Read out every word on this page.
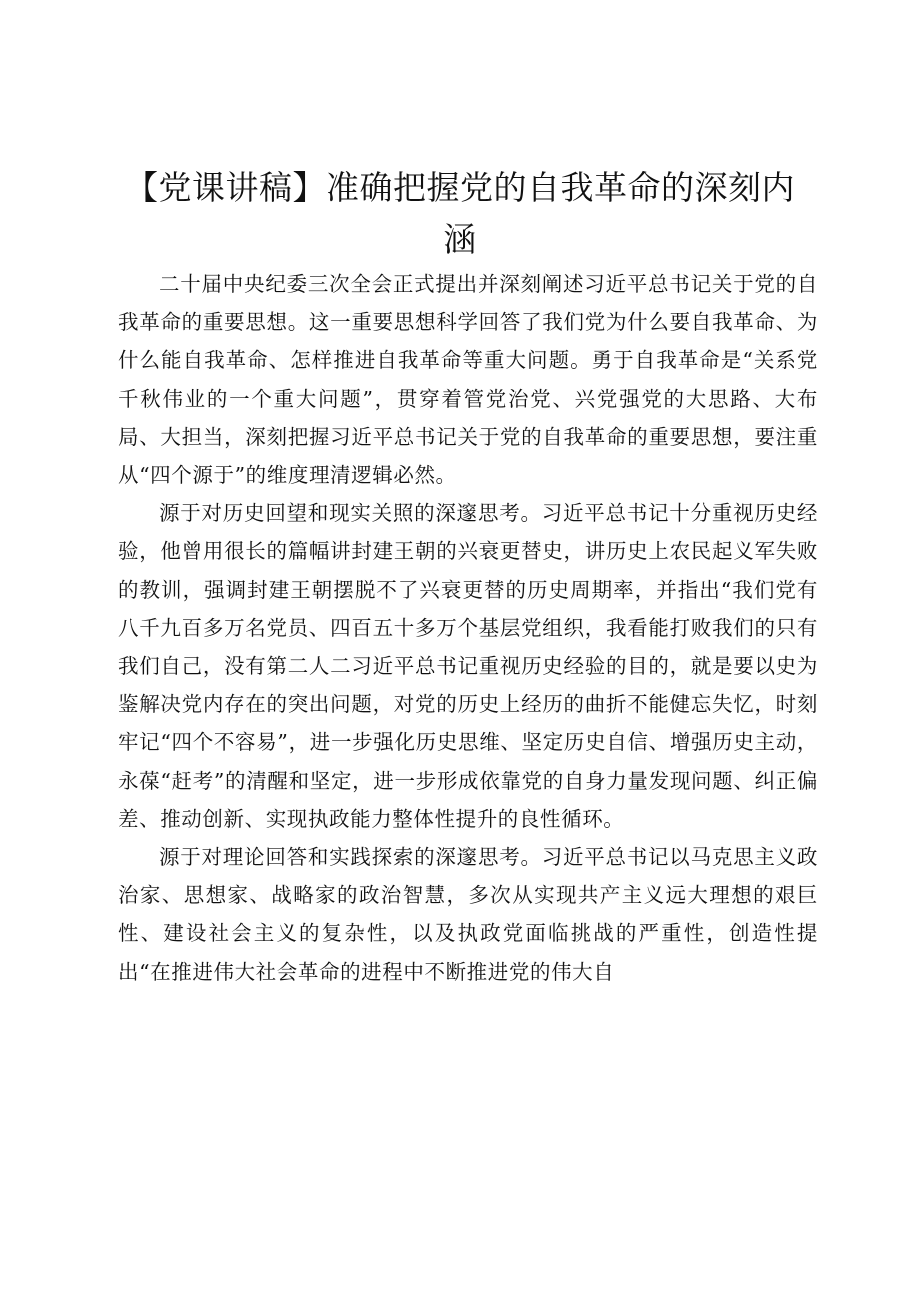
【党课讲稿】准确把握党的自我革命的深刻内涵

二十届中央纪委三次全会正式提出并深刻阐述习近平总书记关于党的自我革命的重要思想。这一重要思想科学回答了我们党为什么要自我革命、为什么能自我革命、怎样推进自我革命等重大问题。勇于自我革命是“关系党千秋伟业的一个重大问题”，贯穿着管党治党、兴党强党的大思路、大布局、大担当，深刻把握习近平总书记关于党的自我革命的重要思想，要注重从“四个源于”的维度理清逻辑必然。

源于对历史回望和现实关照的深邃思考。习近平总书记十分重视历史经验，他曾用很长的篇幅讲封建王朝的兴衰更替史，讲历史上农民起义军失败的教训，强调封建王朝摆脱不了兴衰更替的历史周期率，并指出“我们党有八千九百多万名党员、四百五十多万个基层党组织，我看能打败我们的只有我们自己，没有第二人二习近平总书记重视历史经验的目的，就是要以史为鉴解决党内存在的突出问题，对党的历史上经历的曲折不能健忘失忆，时刻牢记“四个不容易”，进一步强化历史思维、坚定历史自信、增强历史主动，永葆“赶考”的清醒和坚定，进一步形成依靠党的自身力量发现问题、纠正偏差、推动创新、实现执政能力整体性提升的良性循环。

源于对理论回答和实践探索的深邃思考。习近平总书记以马克思主义政治家、思想家、战略家的政治智慧，多次从实现共产主义远大理想的艰巨性、建设社会主义的复杂性，以及执政党面临挑战的严重性，创造性提出“在推进伟大社会革命的进程中不断推进党的伟大自
